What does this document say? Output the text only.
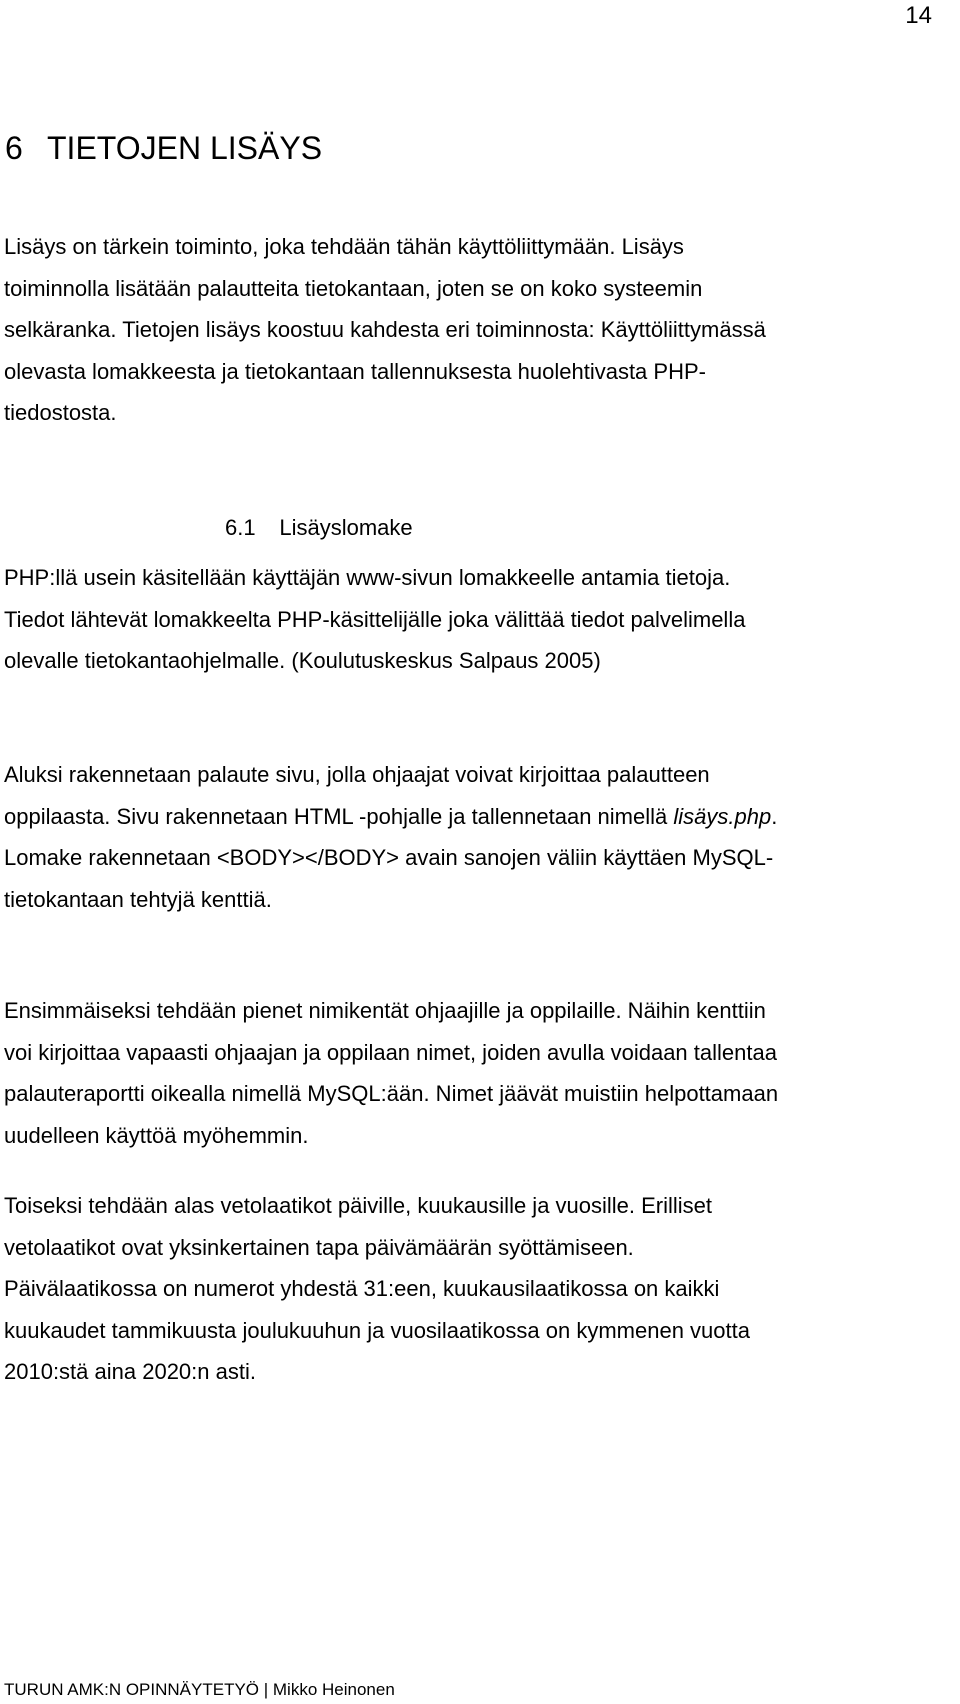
14
6 TIETOJEN LISÄYS
Lisäys on tärkein toiminto, joka tehdään tähän käyttöliittymään. Lisäys
toiminnolla lisätään palautteita tietokantaan, joten se on koko systeemin
selkäranka. Tietojen lisäys koostuu kahdesta eri toiminnosta: Käyttöliittymässä
olevasta lomakkeesta ja tietokantaan tallennuksesta huolehtivasta PHP-
tiedostosta.
6.1 Lisäyslomake
PHP:llä usein käsitellään käyttäjän www-sivun lomakkeelle antamia tietoja.
Tiedot lähtevät lomakkeelta PHP-käsittelijälle joka välittää tiedot palvelimella
olevalle tietokantaohjelmalle. (Koulutuskeskus Salpaus 2005)
Aluksi rakennetaan palaute sivu, jolla ohjaajat voivat kirjoittaa palautteen
oppilaasta. Sivu rakennetaan HTML -pohjalle ja tallennetaan nimellä lisäys.php.
Lomake rakennetaan <BODY></BODY> avain sanojen väliin käyttäen MySQL-
tietokantaan tehtyjä kenttiä.
Ensimmäiseksi tehdään pienet nimikentät ohjaajille ja oppilaille. Näihin kenttiin
voi kirjoittaa vapaasti ohjaajan ja oppilaan nimet, joiden avulla voidaan tallentaa
palauteraportti oikealla nimellä MySQL:ään. Nimet jäävät muistiin helpottamaan
uudelleen käyttöä myöhemmin.
Toiseksi tehdään alas vetolaatikot päiville, kuukausille ja vuosille. Erilliset
vetolaatikot ovat yksinkertainen tapa päivämäärän syöttämiseen.
Päivälaatikossa on numerot yhdestä 31:een, kuukausilaatikossa on kaikki
kuukaudet tammikuusta joulukuuhun ja vuosilaatikossa on kymmenen vuotta
2010:stä aina 2020:n asti.
TURUN AMK:N OPINNÄYTETYÖ | Mikko Heinonen
